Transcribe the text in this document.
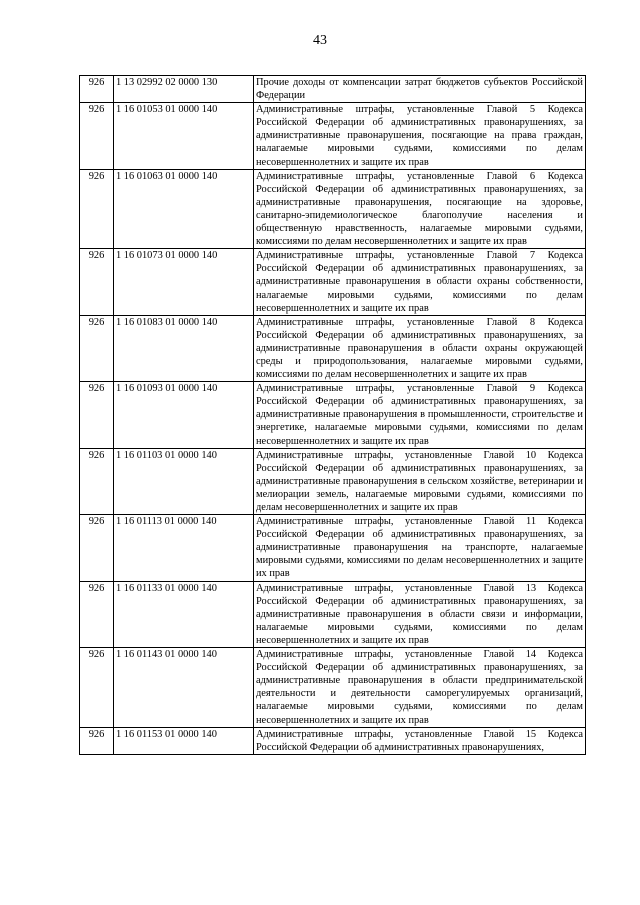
43
926	1 13 02992 02 0000 130	Прочие доходы от компенсации затрат бюджетов субъектов Российской Федерации
926	1 16 01053 01 0000 140	Административные штрафы, установленные Главой 5 Кодекса Российской Федерации об административных правонарушениях, за административные правонарушения, посягающие на права граждан, налагаемые мировыми судьями, комиссиями по делам несовершеннолетних и защите их прав
926	1 16 01063 01 0000 140	Административные штрафы, установленные Главой 6 Кодекса Российской Федерации об административных правонарушениях, за административные правонарушения, посягающие на здоровье, санитарно-эпидемиологическое благополучие населения и общественную нравственность, налагаемые мировыми судьями, комиссиями по делам несовершеннолетних и защите их прав
926	1 16 01073 01 0000 140	Административные штрафы, установленные Главой 7 Кодекса Российской Федерации об административных правонарушениях, за административные правонарушения в области охраны собственности, налагаемые мировыми судьями, комиссиями по делам несовершеннолетних и защите их прав
926	1 16 01083 01 0000 140	Административные штрафы, установленные Главой 8 Кодекса Российской Федерации об административных правонарушениях, за административные правонарушения в области охраны окружающей среды и природопользования, налагаемые мировыми судьями, комиссиями по делам несовершеннолетних и защите их прав
926	1 16 01093 01 0000 140	Административные штрафы, установленные Главой 9 Кодекса Российской Федерации об административных правонарушениях, за административные правонарушения в промышленности, строительстве и энергетике, налагаемые мировыми судьями, комиссиями по делам несовершеннолетних и защите их прав
926	1 16 01103 01 0000 140	Административные штрафы, установленные Главой 10 Кодекса Российской Федерации об административных правонарушениях, за административные правонарушения в сельском хозяйстве, ветеринарии и мелиорации земель, налагаемые мировыми судьями, комиссиями по делам несовершеннолетних и защите их прав
926	1 16 01113 01 0000 140	Административные штрафы, установленные Главой 11 Кодекса Российской Федерации об административных правонарушениях, за административные правонарушения на транспорте, налагаемые мировыми судьями, комиссиями по делам несовершеннолетних и защите их прав
926	1 16 01133 01 0000 140	Административные штрафы, установленные Главой 13 Кодекса Российской Федерации об административных правонарушениях, за административные правонарушения в области связи и информации, налагаемые мировыми судьями, комиссиями по делам несовершеннолетних и защите их прав
926	1 16 01143 01 0000 140	Административные штрафы, установленные Главой 14 Кодекса Российской Федерации об административных правонарушениях, за административные правонарушения в области предпринимательской деятельности и деятельности саморегулируемых организаций, налагаемые мировыми судьями, комиссиями по делам несовершеннолетних и защите их прав
926	1 16 01153 01 0000 140	Административные штрафы, установленные Главой 15 Кодекса Российской Федерации об административных правонарушениях,
